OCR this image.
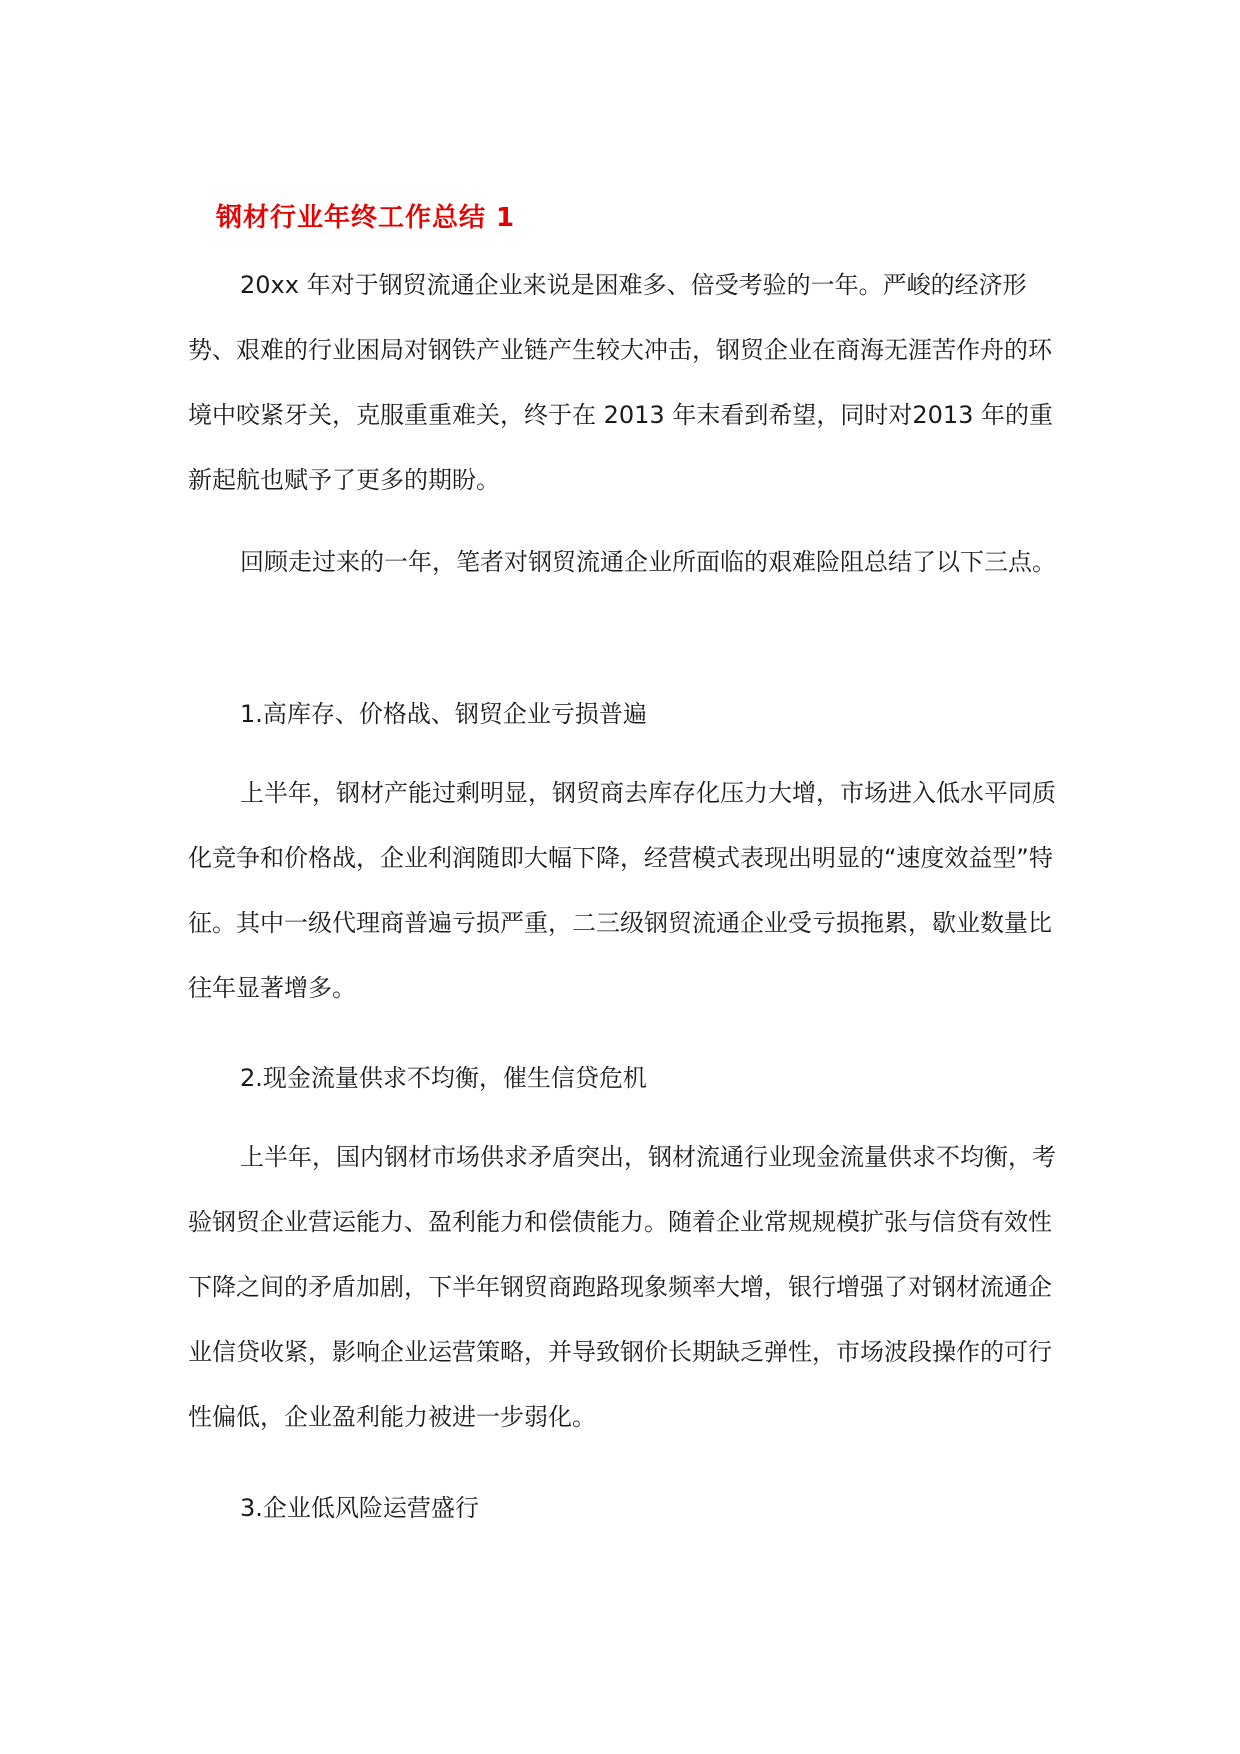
钢材行业年终工作总结 1

20xx 年对于钢贸流通企业来说是困难多、倍受考验的一年。严峻的经济形势、艰难的行业困局对钢铁产业链产生较大冲击，钢贸企业在商海无涯苦作舟的环境中咬紧牙关，克服重重难关，终于在 2013 年末看到希望，同时对2013 年的重新起航也赋予了更多的期盼。

回顾走过来的一年，笔者对钢贸流通企业所面临的艰难险阻总结了以下三点。

1.高库存、价格战、钢贸企业亏损普遍

上半年，钢材产能过剩明显，钢贸商去库存化压力大增，市场进入低水平同质化竞争和价格战，企业利润随即大幅下降，经营模式表现出明显的“速度效益型”特征。其中一级代理商普遍亏损严重，二三级钢贸流通企业受亏损拖累，歇业数量比往年显著增多。

2.现金流量供求不均衡，催生信贷危机

上半年，国内钢材市场供求矛盾突出，钢材流通行业现金流量供求不均衡，考验钢贸企业营运能力、盈利能力和偿债能力。随着企业常规规模扩张与信贷有效性下降之间的矛盾加剧，下半年钢贸商跑路现象频率大增，银行增强了对钢材流通企业信贷收紧，影响企业运营策略，并导致钢价长期缺乏弹性，市场波段操作的可行性偏低，企业盈利能力被进一步弱化。

3.企业低风险运营盛行
